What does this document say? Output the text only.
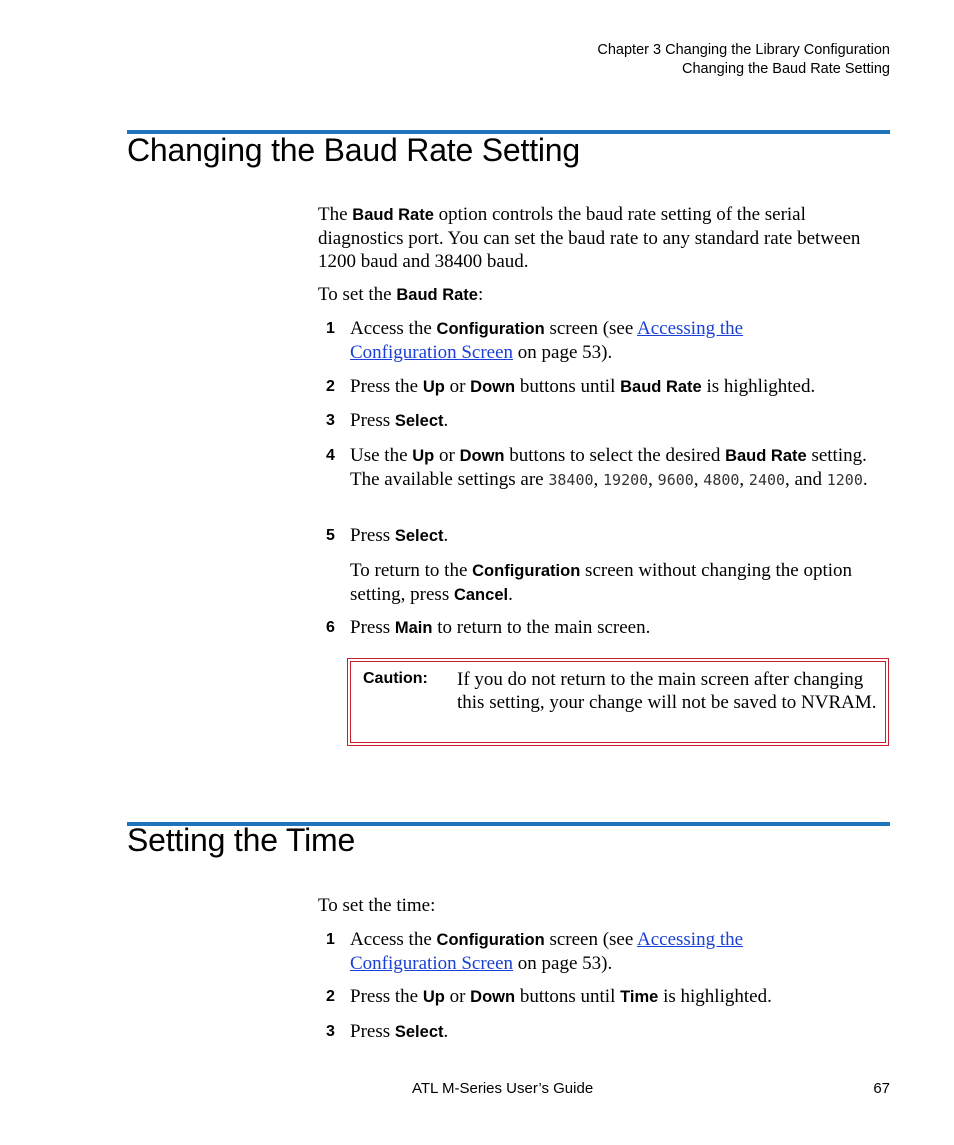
Chapter 3 Changing the Library Configuration
Changing the Baud Rate Setting
Changing the Baud Rate Setting
The Baud Rate option controls the baud rate setting of the serial diagnostics port. You can set the baud rate to any standard rate between 1200 baud and 38400 baud.
To set the Baud Rate:
1 Access the Configuration screen (see Accessing the Configuration Screen on page 53).
2 Press the Up or Down buttons until Baud Rate is highlighted.
3 Press Select.
4 Use the Up or Down buttons to select the desired Baud Rate setting. The available settings are 38400, 19200, 9600, 4800, 2400, and 1200.
5 Press Select.
To return to the Configuration screen without changing the option setting, press Cancel.
6 Press Main to return to the main screen.
Caution: If you do not return to the main screen after changing this setting, your change will not be saved to NVRAM.
Setting the Time
To set the time:
1 Access the Configuration screen (see Accessing the Configuration Screen on page 53).
2 Press the Up or Down buttons until Time is highlighted.
3 Press Select.
ATL M-Series User’s Guide	67
